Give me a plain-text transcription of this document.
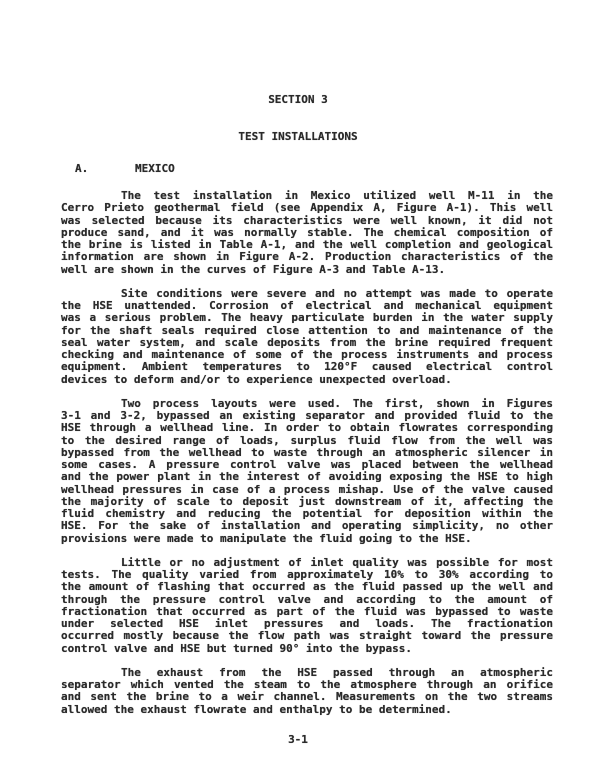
SECTION 3
TEST INSTALLATIONS
A.	MEXICO
The test installation in Mexico utilized well M-11 in the
Cerro Prieto geothermal field (see Appendix A, Figure A-1). This well
was selected because its characteristics were well known, it did not
produce sand, and it was normally stable. The chemical composition of
the brine is listed in Table A-1, and the well completion and geological
information are shown in Figure A-2. Production characteristics of the
well are shown in the curves of Figure A-3 and Table A-13.
Site conditions were severe and no attempt was made to operate
the HSE unattended. Corrosion of electrical and mechanical equipment
was a serious problem. The heavy particulate burden in the water supply
for the shaft seals required close attention to and maintenance of the
seal water system, and scale deposits from the brine required frequent
checking and maintenance of some of the process instruments and process
equipment. Ambient temperatures to 120°F caused electrical control
devices to deform and/or to experience unexpected overload.
Two process layouts were used. The first, shown in Figures
3-1 and 3-2, bypassed an existing separator and provided fluid to the
HSE through a wellhead line. In order to obtain flowrates corresponding
to the desired range of loads, surplus fluid flow from the well was
bypassed from the wellhead to waste through an atmospheric silencer in
some cases. A pressure control valve was placed between the wellhead
and the power plant in the interest of avoiding exposing the HSE to high
wellhead pressures in case of a process mishap. Use of the valve caused
the majority of scale to deposit just downstream of it, affecting the
fluid chemistry and reducing the potential for deposition within the
HSE. For the sake of installation and operating simplicity, no other
provisions were made to manipulate the fluid going to the HSE.
Little or no adjustment of inlet quality was possible for most
tests. The quality varied from approximately 10% to 30% according to
the amount of flashing that occurred as the fluid passed up the well and
through the pressure control valve and according to the amount of
fractionation that occurred as part of the fluid was bypassed to waste
under selected HSE inlet pressures and loads. The fractionation
occurred mostly because the flow path was straight toward the pressure
control valve and HSE but turned 90° into the bypass.
The exhaust from the HSE passed through an atmospheric
separator which vented the steam to the atmosphere through an orifice
and sent the brine to a weir channel. Measurements on the two streams
allowed the exhaust flowrate and enthalpy to be determined.
3-1
